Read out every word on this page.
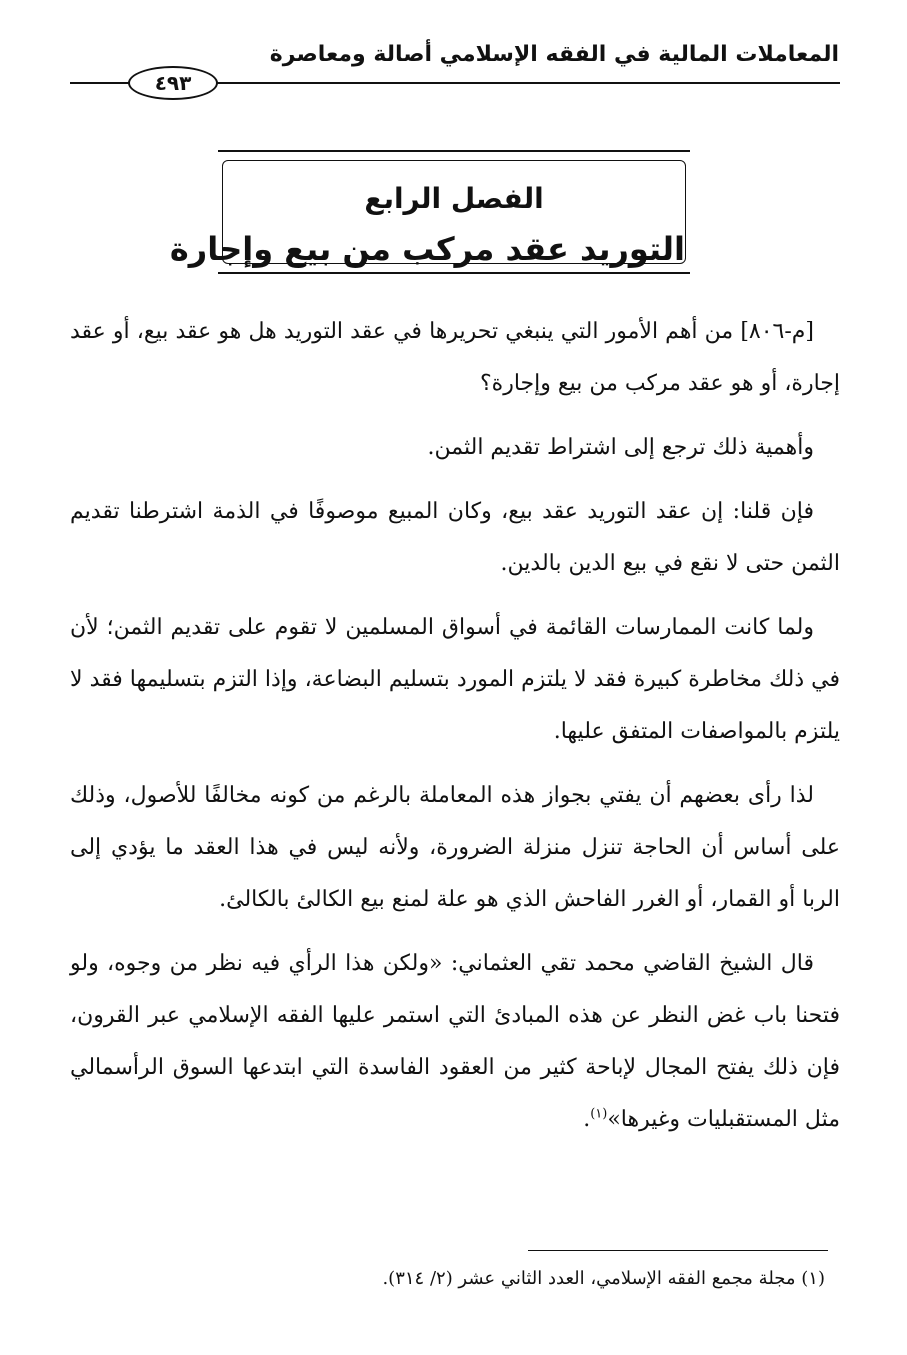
المعاملات المالية في الفقه الإسلامي أصالة ومعاصرة
٤٩٣
الفصل الرابع
التوريد عقد مركب من بيع وإجارة

[م-٨٠٦] من أهم الأمور التي ينبغي تحريرها في عقد التوريد هل هو عقد بيع، أو عقد إجارة، أو هو عقد مركب من بيع وإجارة؟

وأهمية ذلك ترجع إلى اشتراط تقديم الثمن.

فإن قلنا: إن عقد التوريد عقد بيع، وكان المبيع موصوفًا في الذمة اشترطنا تقديم الثمن حتى لا نقع في بيع الدين بالدين.

ولما كانت الممارسات القائمة في أسواق المسلمين لا تقوم على تقديم الثمن؛ لأن في ذلك مخاطرة كبيرة فقد لا يلتزم المورد بتسليم البضاعة، وإذا التزم بتسليمها فقد لا يلتزم بالمواصفات المتفق عليها.

لذا رأى بعضهم أن يفتي بجواز هذه المعاملة بالرغم من كونه مخالفًا للأصول، وذلك على أساس أن الحاجة تنزل منزلة الضرورة، ولأنه ليس في هذا العقد ما يؤدي إلى الربا أو القمار، أو الغرر الفاحش الذي هو علة لمنع بيع الكالئ بالكالئ.

قال الشيخ القاضي محمد تقي العثماني: «ولكن هذا الرأي فيه نظر من وجوه، ولو فتحنا باب غض النظر عن هذه المبادئ التي استمر عليها الفقه الإسلامي عبر القرون، فإن ذلك يفتح المجال لإباحة كثير من العقود الفاسدة التي ابتدعها السوق الرأسمالي مثل المستقبليات وغيرها»$^{(١)}$.

(١) مجلة مجمع الفقه الإسلامي، العدد الثاني عشر (٢/ ٣١٤).
